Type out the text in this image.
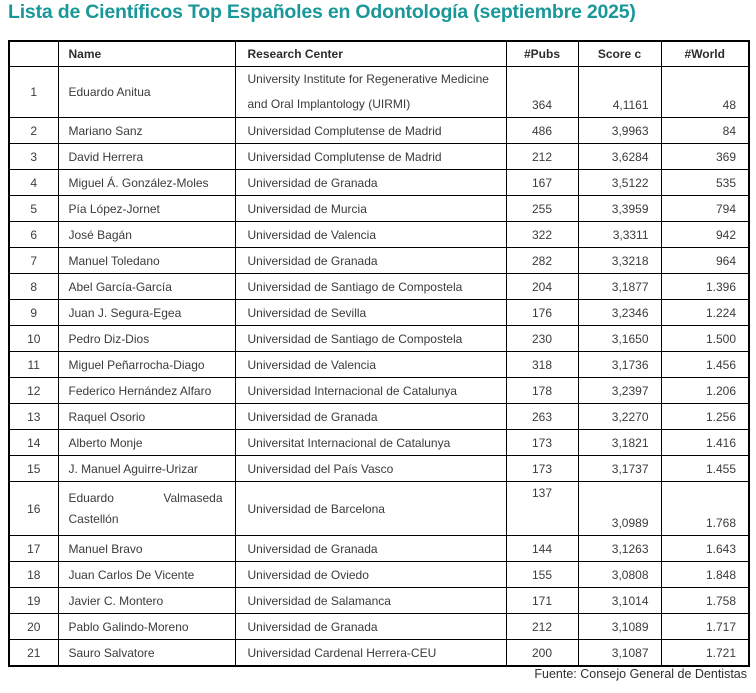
Lista de Científicos Top Españoles en Odontología (septiembre 2025)
	Name	Research Center	#Pubs	Score c	#World

1	Eduardo Anitua	University Institute for Regenerative Medicine and Oral Implantology (UIRMI)	364	4,1161	48

2	Mariano Sanz	Universidad Complutense de Madrid	486	3,9963	84

3	David Herrera	Universidad Complutense de Madrid	212	3,6284	369

4	Miguel Á. González-Moles	Universidad de Granada	167	3,5122	535

5	Pía López-Jornet	Universidad de Murcia	255	3,3959	794

6	José Bagán	Universidad de Valencia	322	3,3311	942

7	Manuel Toledano	Universidad de Granada	282	3,3218	964

8	Abel García-García	Universidad de Santiago de Compostela	204	3,1877	1.396

9	Juan J. Segura-Egea	Universidad de Sevilla	176	3,2346	1.224

10	Pedro Diz-Dios	Universidad de Santiago de Compostela	230	3,1650	1.500

11	Miguel Peñarrocha-Diago	Universidad de Valencia	318	3,1736	1.456

12	Federico Hernández Alfaro	Universidad Internacional de Catalunya	178	3,2397	1.206

13	Raquel Osorio	Universidad de Granada	263	3,2270	1.256

14	Alberto Monje	Universitat Internacional de Catalunya	173	3,1821	1.416

15	J. Manuel Aguirre-Urizar	Universidad del País Vasco	173	3,1737	1.455

16	Eduardo Valmaseda Castellón	Universidad de Barcelona	137	3,0989	1.768

17	Manuel Bravo	Universidad de Granada	144	3,1263	1.643

18	Juan Carlos De Vicente	Universidad de Oviedo	155	3,0808	1.848

19	Javier C. Montero	Universidad de Salamanca	171	3,1014	1.758

20	Pablo Galindo-Moreno	Universidad de Granada	212	3,1089	1.717

21	Sauro Salvatore	Universidad Cardenal Herrera-CEU	200	3,1087	1.721
Fuente: Consejo General de Dentistas
